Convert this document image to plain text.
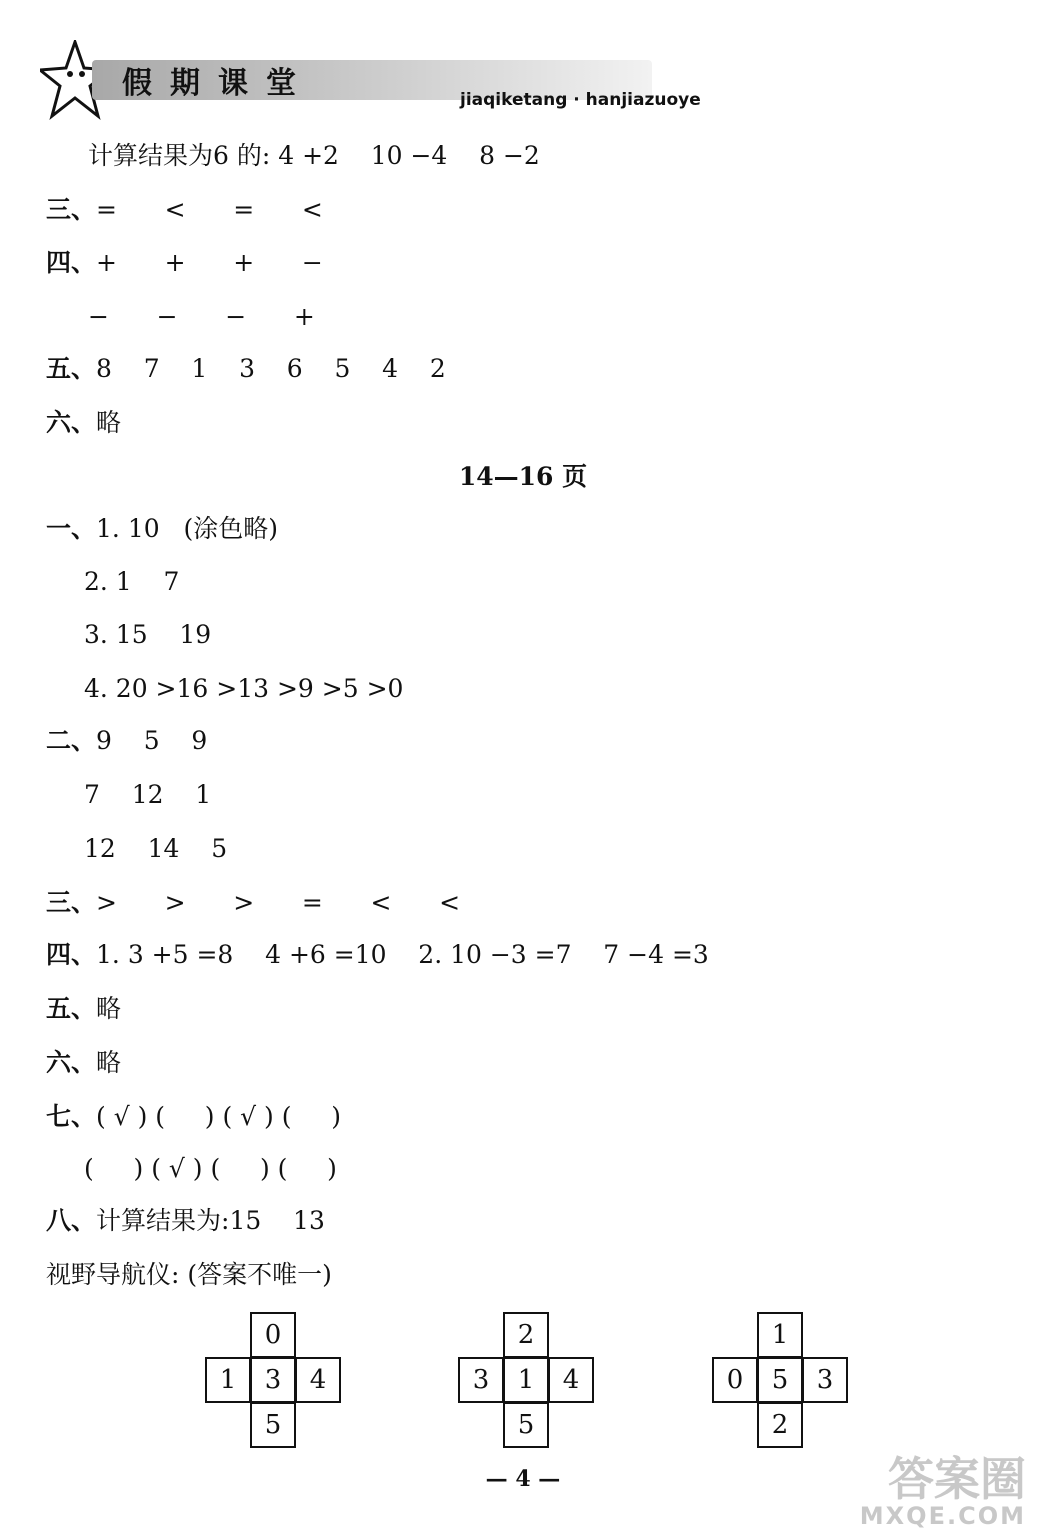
假期课堂	jiaqiketang · hanjiazuoye
计算结果为6 的: 4 +2    10 −4    8 −2
三、=      <      =      <
四、+      +      +      −
−      −      −      +
五、8    7    1    3    6    5    4    2
六、略
14—16 页
一、1. 10   (涂色略)
2. 1    7
3. 15    19
4. 20 >16 >13 >9 >5 >0
二、9    5    9
7    12    1
12    14    5
三、>      >      >      =      <      <
四、1. 3 +5 =8    4 +6 =10    2. 10 −3 =7    7 −4 =3
五、略
六、略
七、( √ ) (     ) ( √ ) (     )
(     ) ( √ ) (     ) (     )
八、计算结果为:15    13
视野导航仪: (答案不唯一)
0
1	3	4
5
2
3	1	4
5
1
0	5	3
2
— 4 —	答案圈
MXQE.COM
